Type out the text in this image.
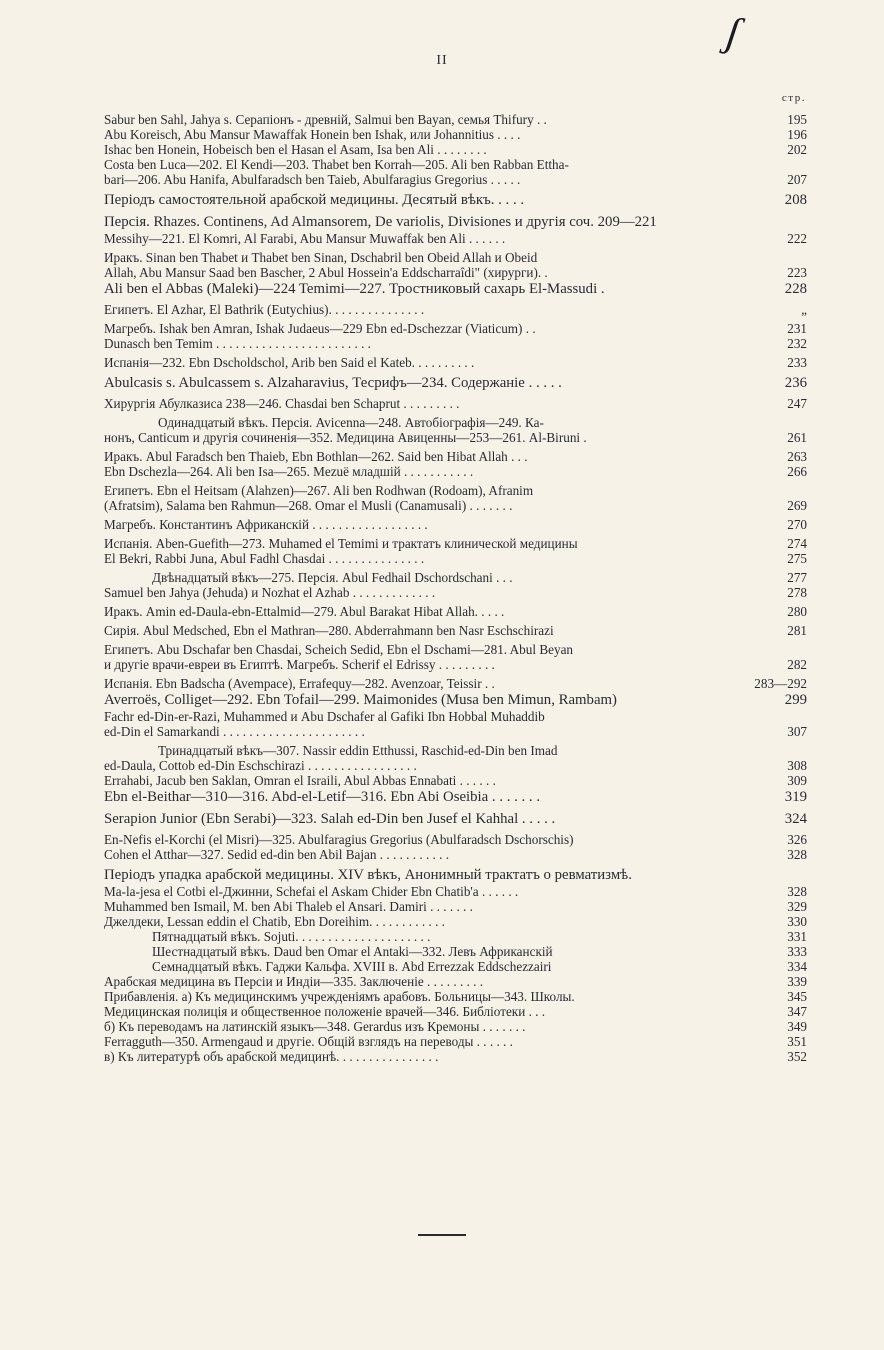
ʃ
II
стр.
Sabur ben Sahl, Jahya s. Серапіонъ - древній, Salmui ben Bayan, семья Thifury . .	195
Abu Koreisch, Abu Mansur Mawaffak Honein ben Ishak, или Johannitius . . . .	196
Ishac ben Honein, Hobeisch ben el Hasan el Asam, Isa ben Ali . . . . . . . .	202
Costa ben Luca—202. El Kendi—203. Thabet ben Korrah—205. Ali ben Rabban Ettha-
bari—206. Abu Hanifa, Abulfaradsch ben Taieb, Abulfaragius Gregorius . . . . .	207
Періодъ самостоятельной арабской медицины. Десятый вѣкъ. . . . .	208
Персія. Rhazes. Continens, Ad Almansorem, De variolis, Divisiones и другія соч. 209—221
Messihy—221. El Komri, Al Farabi, Abu Mansur Muwaffak ben Ali . . . . . .	222
Иракъ. Sinan ben Thabet и Thabet ben Sinan, Dschabril ben Obeid Allah и Obeid
Allah, Abu Mansur Saad ben Bascher, 2 Abul Hossein'a Eddscharraîdi" (хирурги). .	223
Ali ben el Abbas (Maleki)—224 Temimi—227. Тростниковый сахарь El-Massudi .	228
Египетъ. El Azhar, El Bathrik (Eutychius). . . . . . . . . . . . . . .	„
Магребъ. Ishak ben Amran, Ishak Judaeus—229 Ebn ed-Dschezzar (Viaticum) . .	231
Dunasch ben Temim . . . . . . . . . . . . . . . . . . . . . . . .	232
Испанія—232. Ebn Dscholdschol, Arib ben Said el Kateb. . . . . . . . . .	233
Abulcasis s. Abulcassem s. Alzaharavius, Тесрифъ—234. Содержаніе . . . . .	236
Хирургія Абулказиса 238—246. Chasdai ben Schaprut . . . . . . . . .	247
Одинадцатый вѣкъ. Персія. Avicenna—248. Автобіографія—249. Ка-
нонъ, Canticum и другія сочиненія—352. Медицина Авиценны—253—261. Al-Biruni .	261
Иракъ. Abul Faradsch ben Thaieb, Ebn Bothlan—262. Said ben Hibat Allah . . .	263
Ebn Dschezla—264. Ali ben Isa—265. Mezuë младшій . . . . . . . . . . .	266
Египетъ. Ebn el Heitsam (Alahzen)—267. Ali ben Rodhwan (Rodoam), Afranim
(Afratsim), Salama ben Rahmun—268. Omar el Musli (Canamusali) . . . . . . .	269
Магребъ. Константинъ Африканскій . . . . . . . . . . . . . . . . . .	270
Испанія. Aben-Guefith—273. Muhamed el Temimi и трактатъ клинической медицины	274
El Bekri, Rabbi Juna, Abul Fadhl Chasdai . . . . . . . . . . . . . . .	275
Двѣнадцатый вѣкъ—275. Персія. Abul Fedhail Dschordschani . . .	277
Samuel ben Jahya (Jehuda) и Nozhat el Azhab . . . . . . . . . . . . .	278
Иракъ. Amin ed-Daula-ebn-Ettalmid—279. Abul Barakat Hibat Allah. . . . .	280
Сирія. Abul Medsched, Ebn el Mathran—280. Abderrahmann ben Nasr Eschschirazi	281
Египетъ. Abu Dschafar ben Chasdai, Scheich Sedid, Ebn el Dschami—281. Abul Beyan
и другіе врачи-евреи въ Египтѣ. Магребъ. Scherif el Edrissy . . . . . . . . .	282
Испанія. Ebn Badscha (Avempace), Errafequy—282. Avenzoar, Teissir . .	283—292
Averroës, Colliget—292. Ebn Tofail—299. Maimonides (Musa ben Mimun, Rambam)	299
Fachr ed-Din-er-Razi, Muhammed и Abu Dschafer al Gafiki Ibn Hobbal Muhaddib
ed-Din el Samarkandi . . . . . . . . . . . . . . . . . . . . . .	307
Тринадцатый вѣкъ—307. Nassir eddin Etthussi, Raschid-ed-Din ben Imad
ed-Daula, Cottob ed-Din Eschschirazi . . . . . . . . . . . . . . . . .	308
Errahabi, Jacub ben Saklan, Omran el Israili, Abul Abbas Ennabati . . . . . .	309
Ebn el-Beithar—310—316. Abd-el-Letif—316. Ebn Abi Oseibia . . . . . . .	319
Serapion Junior (Ebn Serabi)—323. Salah ed-Din ben Jusef el Kahhal . . . . .	324
En-Nefis el-Korchi (el Misri)—325. Abulfaragius Gregorius (Abulfaradsch Dschorschis)	326
Cohen el Atthar—327. Sedid ed-din ben Abil Bajan . . . . . . . . . . .	328
Періодъ упадка арабской медицины. XIV вѣкъ, Анонимный трактатъ о ревматизмѣ.
Ma-la-jesa el Cotbi el-Джинни, Schefai el Askam Chider Ebn Chatib'a . . . . . .	328
Muhammed ben Ismail, M. ben Abi Thaleb el Ansari. Damiri . . . . . . .	329
Джелдеки, Lessan eddin el Chatib, Ebn Doreihim. . . . . . . . . . . .	330
Пятнадцатый вѣкъ. Sojuti. . . . . . . . . . . . . . . . . . . . .	331
Шестнадцатый вѣкъ. Daud ben Omar el Antaki—332. Левъ Африканскій	333
Семнадцатый вѣкъ. Гаджи Кальфа. XVIII в. Abd Errezzak Eddschezzairi	334
Арабская медицина въ Персіи и Индіи—335. Заключеніе . . . . . . . . .	339
Прибавленія. а) Къ медицинскимъ учрежденіямъ арабовъ. Больницы—343. Школы.	345
Медицинская полиція и общественное положеніе врачей—346. Библіотеки . . .	347
б) Къ переводамъ на латинскій языкъ—348. Gerardus изъ Кремоны . . . . . . .	349
Ferragguth—350. Armengaud и другіе. Общій взглядъ на переводы . . . . . .	351
в) Къ литературѣ объ арабской медицинѣ. . . . . . . . . . . . . . . .	352
